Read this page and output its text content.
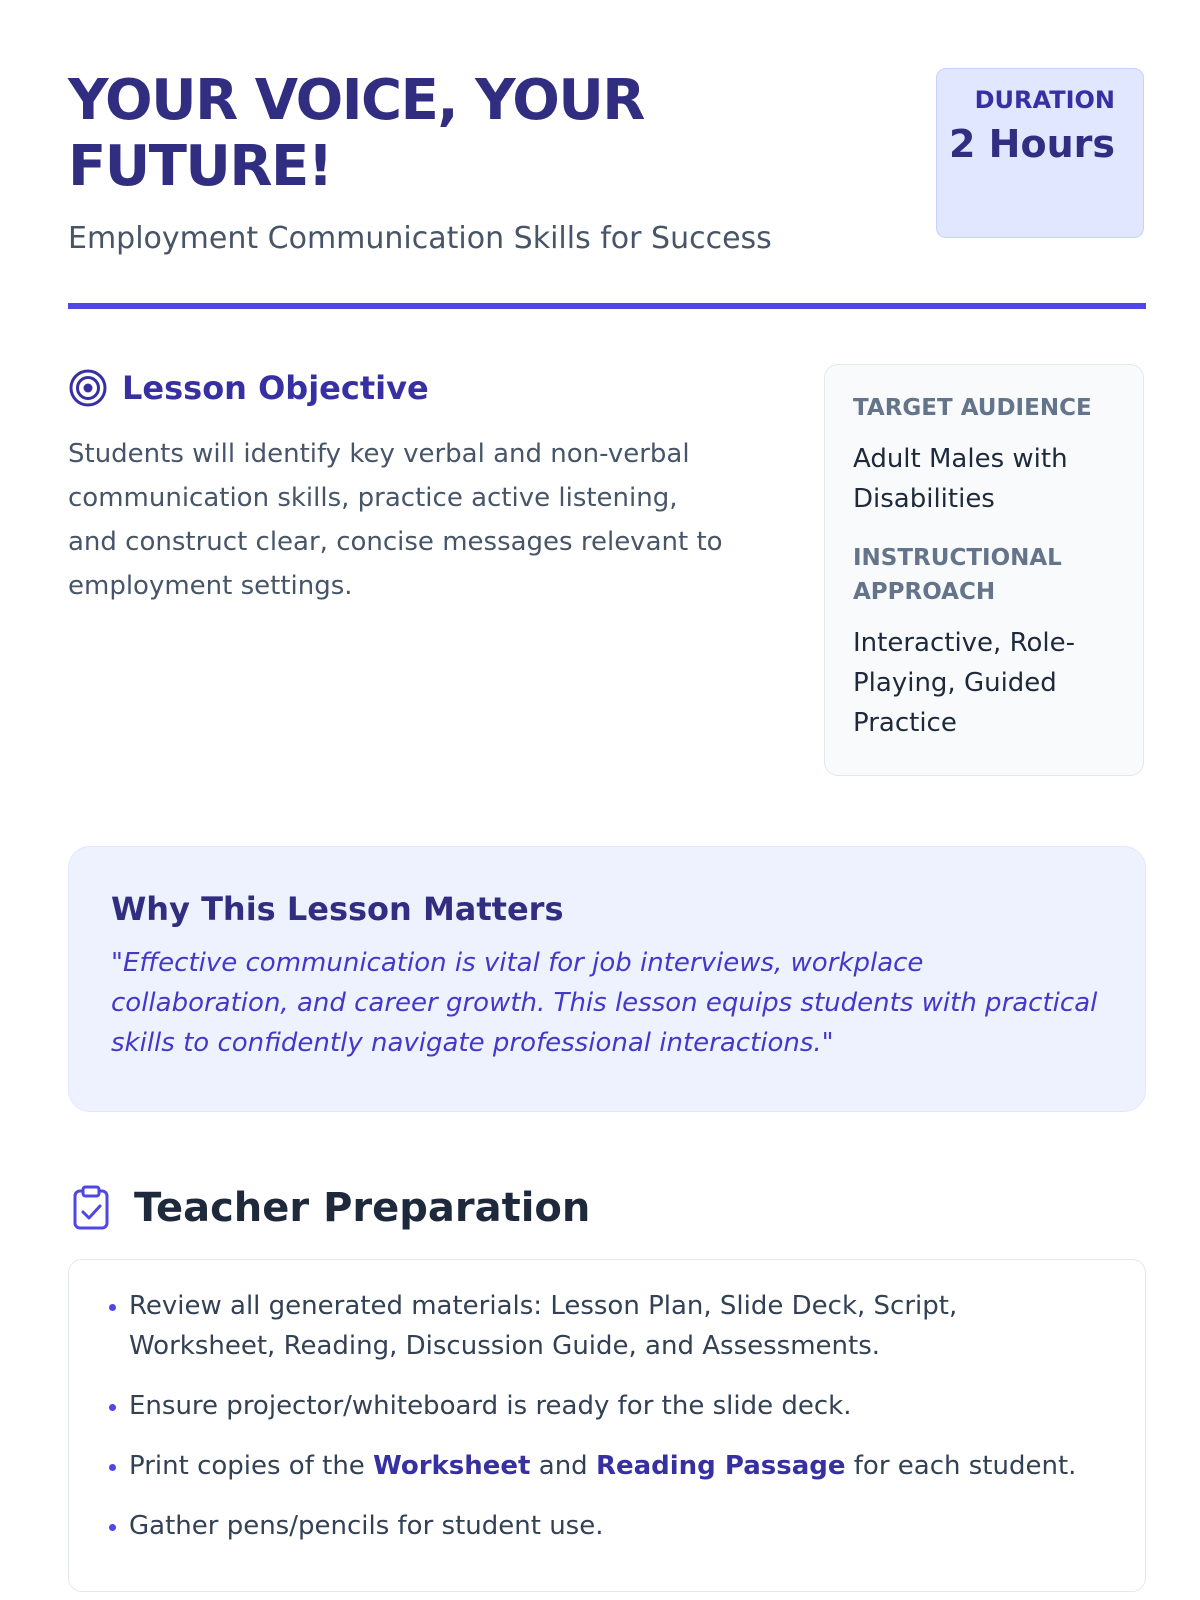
YOUR VOICE, YOUR FUTURE!

Employment Communication Skills for Success

DURATION
2 Hours
Lesson Objective

Students will identify key verbal and non-verbal communication skills, practice active listening, and construct clear, concise messages relevant to employment settings.

TARGET AUDIENCE

Adult Males with Disabilities

INSTRUCTIONAL APPROACH

Interactive, Role-Playing, Guided Practice

Why This Lesson Matters

"Effective communication is vital for job interviews, workplace collaboration, and career growth. This lesson equips students with practical skills to confidently navigate professional interactions."

Teacher Preparation
Review all generated materials: Lesson Plan, Slide Deck, Script, Worksheet, Reading, Discussion Guide, and Assessments.
Ensure projector/whiteboard is ready for the slide deck.
Print copies of the Worksheet and Reading Passage for each student.
Gather pens/pencils for student use.
